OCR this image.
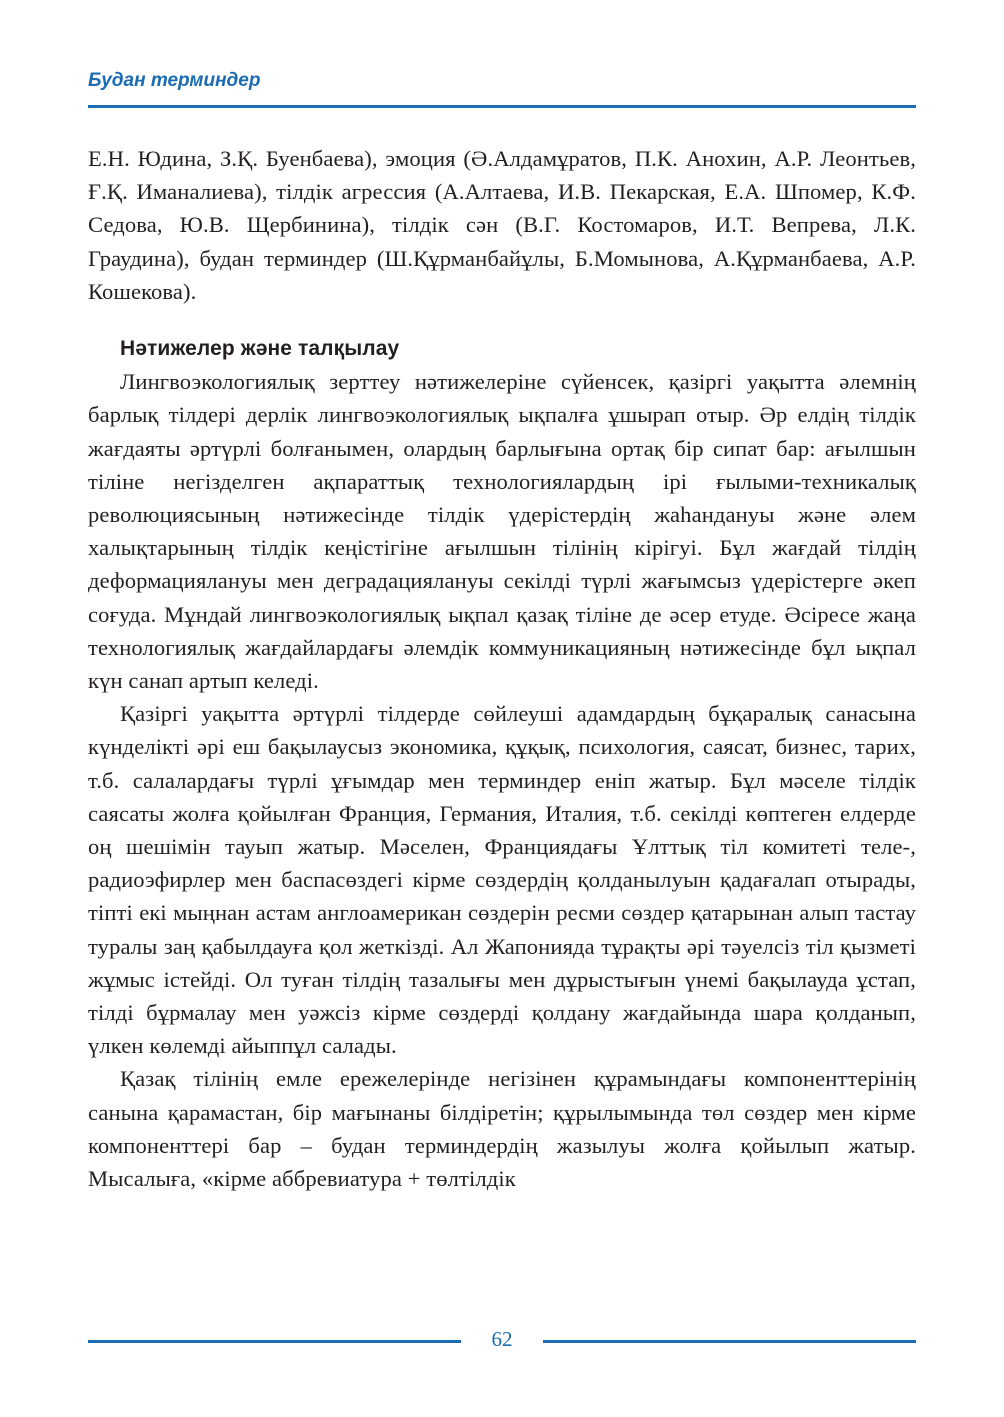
Будан терминдер

Е.Н. Юдина, З.Қ. Буенбаева), эмоция (Ә.Алдамұратов, П.К. Анохин, А.Р. Леонтьев, Ғ.Қ. Иманалиева), тілдік агрессия (А.Алтаева, И.В. Пекарская, Е.А. Шпомер, К.Ф. Седова, Ю.В. Щербинина), тілдік сән (В.Г. Костомаров, И.Т. Вепрева, Л.К. Граудина), будан терминдер (Ш.Құрманбайұлы, Б.Момынова, А.Құрманбаева, А.Р. Кошекова).

Нәтижелер және талқылау

Лингвоэкологиялық зерттеу нәтижелеріне сүйенсек, қазіргі уақытта әлемнің барлық тілдері дерлік лингвоэкологиялық ықпалға ұшырап отыр. Әр елдің тілдік жағдаяты әртүрлі болғанымен, олардың барлығына ортақ бір сипат бар: ағылшын тіліне негізделген ақпараттық технологиялардың ірі ғылыми-техникалық революциясының нәтижесінде тілдік үдерістердің жаһандануы және әлем халықтарының тілдік кеңістігіне ағылшын тілінің кірігуі. Бұл жағдай тілдің деформациялануы мен деградациялануы секілді түрлі жағымсыз үдерістерге әкеп соғуда. Мұндай лингвоэкологиялық ықпал қазақ тіліне де әсер етуде. Әсіресе жаңа технологиялық жағдайлардағы әлемдік коммуникацияның нәтижесінде бұл ықпал күн санап артып келеді.

Қазіргі уақытта әртүрлі тілдерде сөйлеуші адамдардың бұқаралық санасына күнделікті әрі еш бақылаусыз экономика, құқық, психология, саясат, бизнес, тарих, т.б. салалардағы түрлі ұғымдар мен терминдер еніп жатыр. Бұл мәселе тілдік саясаты жолға қойылған Франция, Германия, Италия, т.б. секілді көптеген елдерде оң шешімін тауып жатыр. Мәселен, Франциядағы Ұлттық тіл комитеті теле-, радиоэфирлер мен баспасөздегі кірме сөздердің қолданылуын қадағалап отырады, тіпті екі мыңнан астам англоамерикан сөздерін ресми сөздер қатарынан алып тастау туралы заң қабылдауға қол жеткізді. Ал Жапонияда тұрақты әрі тәуелсіз тіл қызметі жұмыс істейді. Ол туған тілдің тазалығы мен дұрыстығын үнемі бақылауда ұстап, тілді бұрмалау мен уәжсіз кірме сөздерді қолдану жағдайында шара қолданып, үлкен көлемді айыппұл салады.

Қазақ тілінің емле ережелерінде негізінен құрамындағы компоненттерінің санына қарамастан, бір мағынаны білдіретін; құрылымында төл сөздер мен кірме компоненттері бар – будан терминдердің жазылуы жолға қойылып жатыр. Мысалыға, «кірме аббревиатура + төлтілдік

62
